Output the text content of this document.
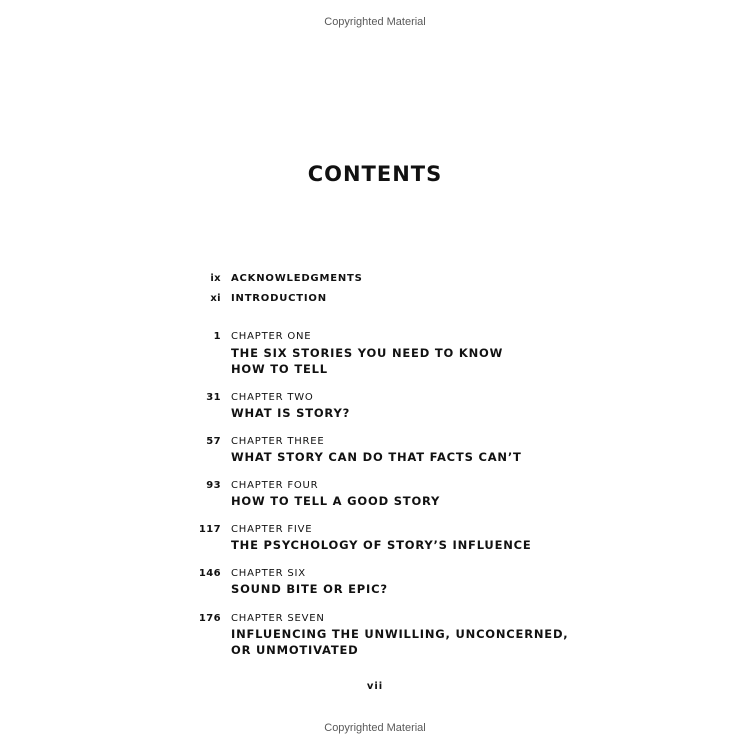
Copyrighted Material
CONTENTS
ix ACKNOWLEDGMENTS
xi INTRODUCTION
1 CHAPTER ONE
THE SIX STORIES YOU NEED TO KNOW
HOW TO TELL
31 CHAPTER TWO
WHAT IS STORY?
57 CHAPTER THREE
WHAT STORY CAN DO THAT FACTS CAN’T
93 CHAPTER FOUR
HOW TO TELL A GOOD STORY
117 CHAPTER FIVE
THE PSYCHOLOGY OF STORY’S INFLUENCE
146 CHAPTER SIX
SOUND BITE OR EPIC?
176 CHAPTER SEVEN
INFLUENCING THE UNWILLING, UNCONCERNED,
OR UNMOTIVATED
vii
Copyrighted Material
